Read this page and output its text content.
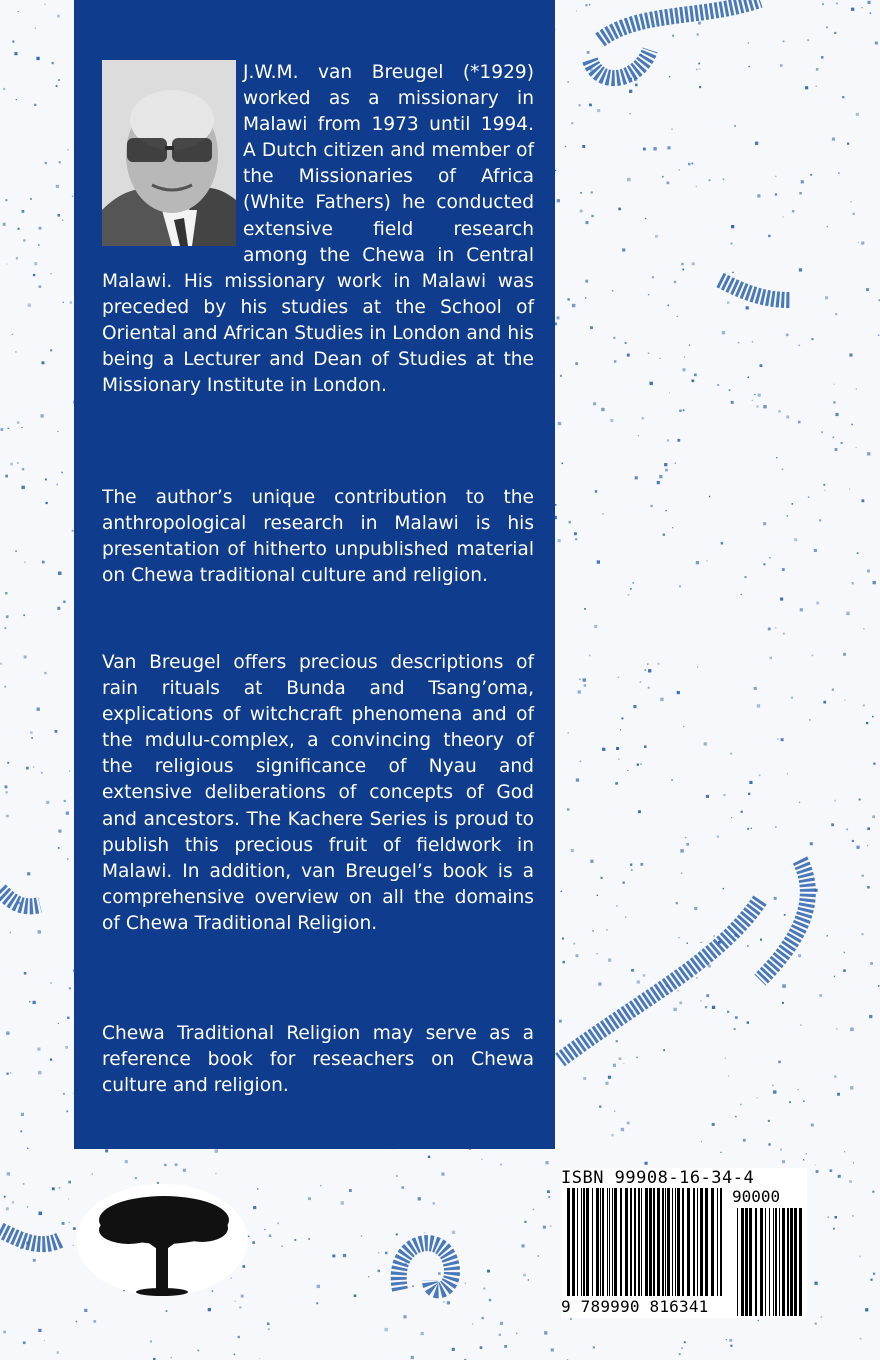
J.W.M. van Breugel (*1929) worked as a missionary in Malawi from 1973 until 1994. A Dutch citizen and member of the Missionaries of Africa (White Fathers) he conducted extensive field research among the Chewa in Central Malawi. His missionary work in Malawi was preceded by his studies at the School of Oriental and African Studies in London and his being a Lecturer and Dean of Studies at the Missionary Institute in London.

The author’s unique contribution to the anthropological research in Malawi is his presentation of hitherto unpublished material on Chewa traditional culture and religion.

Van Breugel offers precious descriptions of rain rituals at Bunda and Tsang’oma, explications of witchcraft phenomena and of the mdulu-complex, a convincing theory of the religious significance of Nyau and extensive deliberations of concepts of God and ancestors. The Kachere Series is proud to publish this precious fruit of fieldwork in Malawi. In addition, van Breugel’s book is a comprehensive overview on all the domains of Chewa Traditional Religion.

Chewa Traditional Religion may serve as a reference book for reseachers on Chewa culture and religion.

ISBN 99908-16-34-4
90000
9 789990 816341
